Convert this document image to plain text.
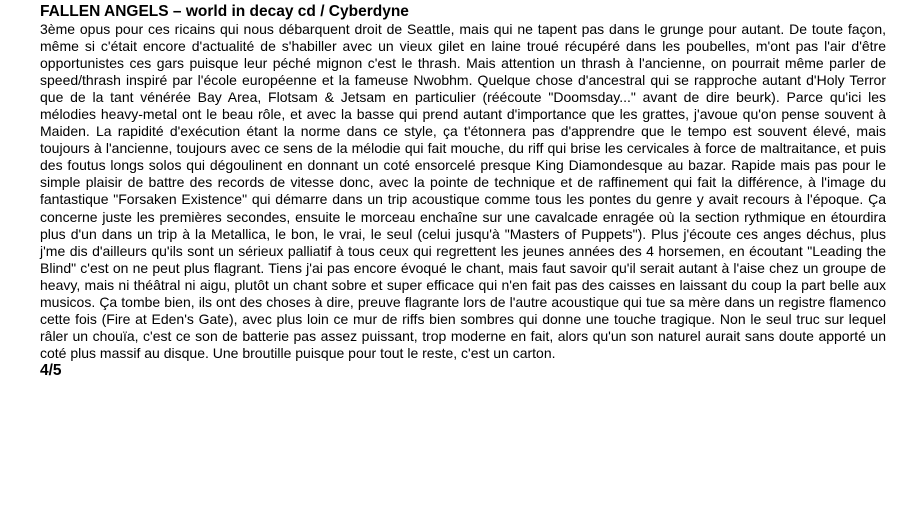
FALLEN ANGELS – world in decay cd / Cyberdyne

3ème opus pour ces ricains qui nous débarquent droit de Seattle, mais qui ne tapent pas dans le grunge pour autant. De toute façon, même si c'était encore d'actualité de s'habiller avec un vieux gilet en laine troué récupéré dans les poubelles, m'ont pas l'air d'être opportunistes ces gars puisque leur péché mignon c'est le thrash. Mais attention un thrash à l'ancienne, on pourrait même parler de speed/thrash inspiré par l'école européenne et la fameuse Nwobhm. Quelque chose d'ancestral qui se rapproche autant d'Holy Terror que de la tant vénérée Bay Area, Flotsam & Jetsam en particulier (réécoute "Doomsday..." avant de dire beurk). Parce qu'ici les mélodies heavy-metal ont le beau rôle, et avec la basse qui prend autant d'importance que les grattes, j'avoue qu'on pense souvent à Maiden. La rapidité d'exécution étant la norme dans ce style, ça t'étonnera pas d'apprendre que le tempo est souvent élevé, mais toujours à l'ancienne, toujours avec ce sens de la mélodie qui fait mouche, du riff qui brise les cervicales à force de maltraitance, et puis des foutus longs solos qui dégoulinent en donnant un coté ensorcelé presque King Diamondesque au bazar. Rapide mais pas pour le simple plaisir de battre des records de vitesse donc, avec la pointe de technique et de raffinement qui fait la différence, à l'image du fantastique "Forsaken Existence" qui démarre dans un trip acoustique comme tous les pontes du genre y avait recours à l'époque. Ça concerne juste les premières secondes, ensuite le morceau enchaîne sur une cavalcade enragée où la section rythmique en étourdira plus d'un dans un trip à la Metallica, le bon, le vrai, le seul (celui jusqu'à "Masters of Puppets"). Plus j'écoute ces anges déchus, plus j'me dis d'ailleurs qu'ils sont un sérieux palliatif à tous ceux qui regrettent les jeunes années des 4 horsemen, en écoutant "Leading the Blind" c'est on ne peut plus flagrant. Tiens j'ai pas encore évoqué le chant, mais faut savoir qu'il serait autant à l'aise chez un groupe de heavy, mais ni théâtral ni aigu, plutôt un chant sobre et super efficace qui n'en fait pas des caisses en laissant du coup la part belle aux musicos. Ça tombe bien, ils ont des choses à dire, preuve flagrante lors de l'autre acoustique qui tue sa mère dans un registre flamenco cette fois (Fire at Eden's Gate), avec plus loin ce mur de riffs bien sombres qui donne une touche tragique. Non le seul truc sur lequel râler un chouïa, c'est ce son de batterie pas assez puissant, trop moderne en fait, alors qu'un son naturel aurait sans doute apporté un coté plus massif au disque. Une broutille puisque pour tout le reste, c'est un carton.

4/5
